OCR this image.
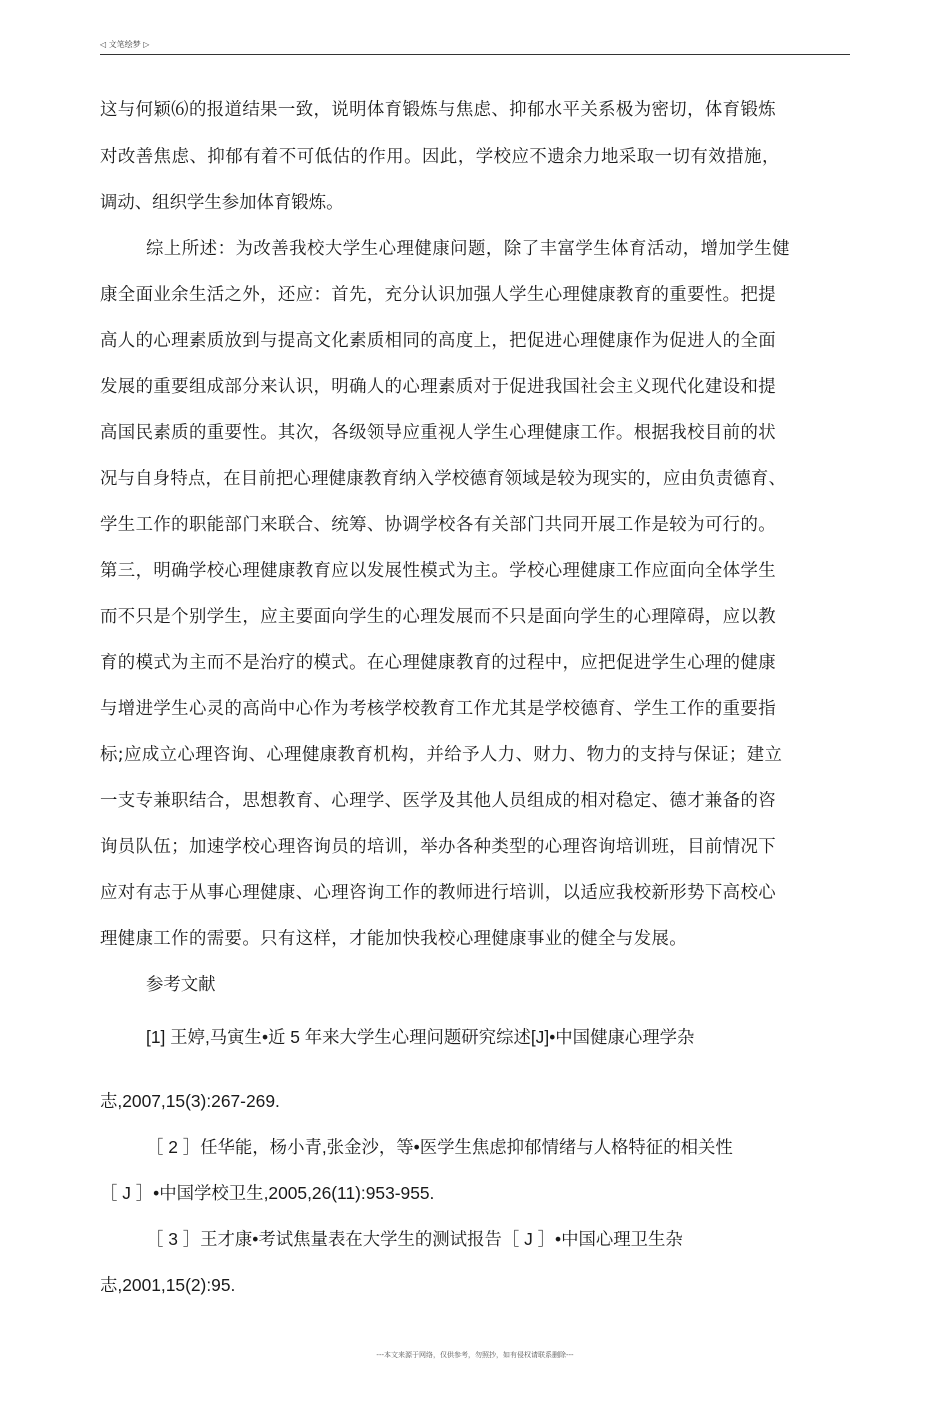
◁ 文笔绘梦 ▷
这与何颖⑹的报道结果一致，说明体育锻炼与焦虑、抑郁水平关系极为密切，体育锻炼
对改善焦虑、抑郁有着不可低估的作用。因此，学校应不遗余力地采取一切有效措施，
调动、组织学生参加体育锻炼。
综上所述：为改善我校大学生心理健康问题，除了丰富学生体育活动，增加学生健
康全面业余生活之外，还应：首先，充分认识加强人学生心理健康教育的重要性。把提
高人的心理素质放到与提高文化素质相同的高度上，把促进心理健康作为促进人的全面
发展的重要组成部分来认识，明确人的心理素质对于促进我国社会主义现代化建设和提
高国民素质的重要性。其次，各级领导应重视人学生心理健康工作。根据我校目前的状
况与自身特点，在目前把心理健康教育纳入学校德育领域是较为现实的，应由负责德育、
学生工作的职能部门来联合、统筹、协调学校各有关部门共同开展工作是较为可行的。
第三，明确学校心理健康教育应以发展性模式为主。学校心理健康工作应面向全体学生
而不只是个别学生，应主要面向学生的心理发展而不只是面向学生的心理障碍，应以教
育的模式为主而不是治疗的模式。在心理健康教育的过程中，应把促进学生心理的健康
与增进学生心灵的高尚中心作为考核学校教育工作尤其是学校德育、学生工作的重要指
标;应成立心理咨询、心理健康教育机构，并给予人力、财力、物力的支持与保证；建立
一支专兼职结合，思想教育、心理学、医学及其他人员组成的相对稳定、德才兼备的咨
询员队伍；加速学校心理咨询员的培训，举办各种类型的心理咨询培训班，目前情况下
应对有志于从事心理健康、心理咨询工作的教师进行培训，以适应我校新形势下高校心
理健康工作的需要。只有这样，才能加快我校心理健康事业的健全与发展。
参考文献
[1] 王婷,马寅生•近 5 年来大学生心理问题研究综述[J]•中国健康心理学杂
志,2007,15(3):267-269.
［ 2 ］任华能，杨小青,张金沙，等•医学生焦虑抑郁情绪与人格特征的相关性
［ J ］•中国学校卫生,2005,26(11):953-955.
［ 3 ］王才康•考试焦量表在大学生的测试报告［ J ］•中国心理卫生杂
志,2001,15(2):95.
---本文来源于网络，仅供参考，勿照抄，如有侵权请联系删除---
